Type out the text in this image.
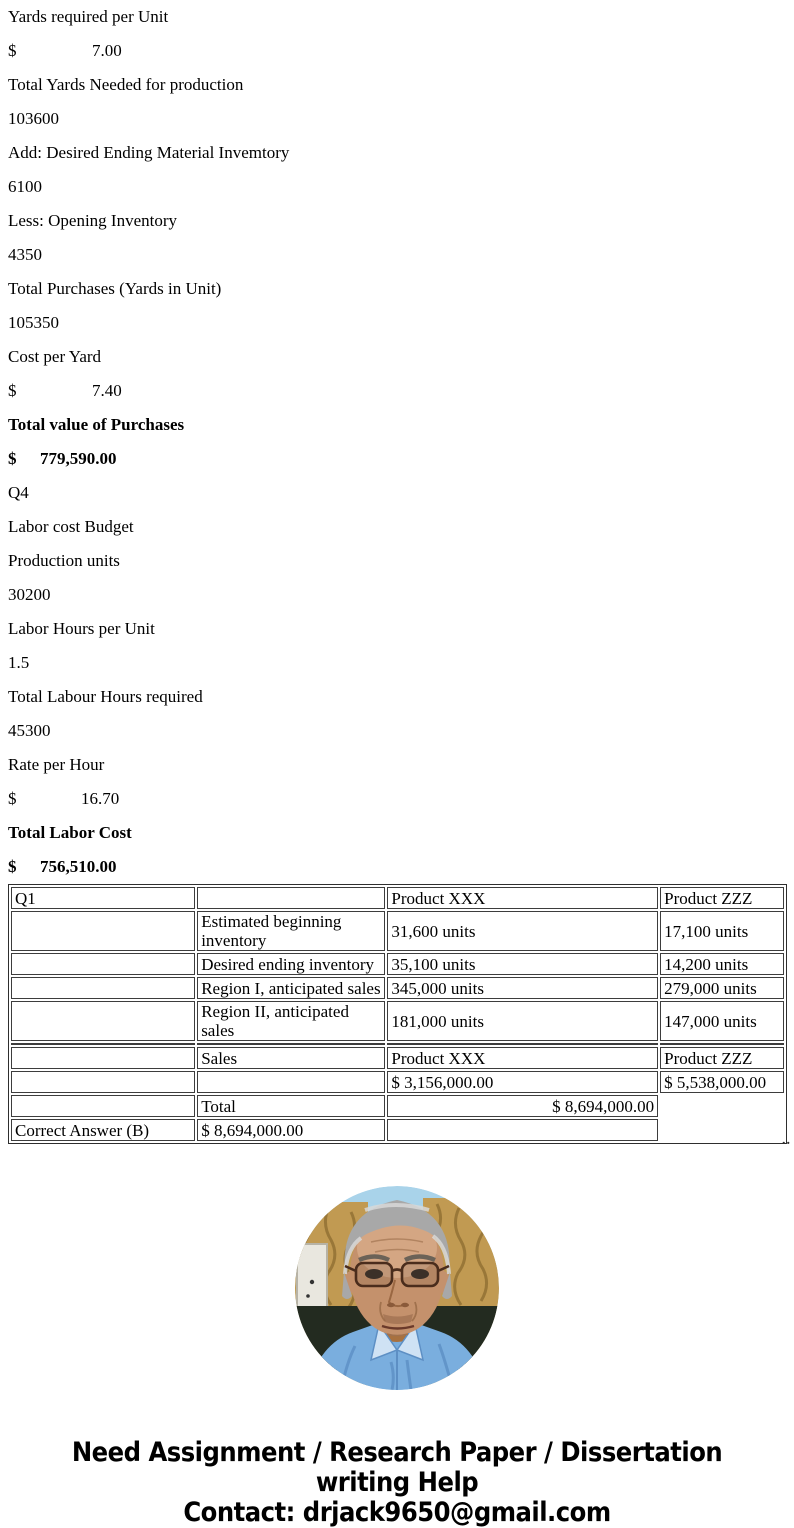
Yards required per Unit

$	7.00

Total Yards Needed for production

103600

Add: Desired Ending Material Invemtory

6100

Less: Opening Inventory

4350

Total Purchases (Yards in Unit)

105350

Cost per Yard

$	7.40

Total value of Purchases

$	779,590.00

Q4

Labor cost Budget

Production units

30200

Labor Hours per Unit

1.5

Total Labour Hours required

45300

Rate per Hour

$	16.70

Total Labor Cost

$	756,510.00

Q1		Product XXX	Product ZZZ
	Estimated beginning inventory	31,600 units	17,100 units
	Desired ending inventory	35,100 units	14,200 units
	Region I, anticipated sales	345,000 units	279,000 units
	Region II, anticipated sales	181,000 units	147,000 units

	Sales	Product XXX	Product ZZZ
		$ 3,156,000.00	$ 5,538,000.00
	Total	$ 8,694,000.00	
Correct Answer (B)	$ 8,694,000.00		
..
Need Assignment / Research Paper / Dissertation
writing Help
Contact: drjack9650@gmail.com
